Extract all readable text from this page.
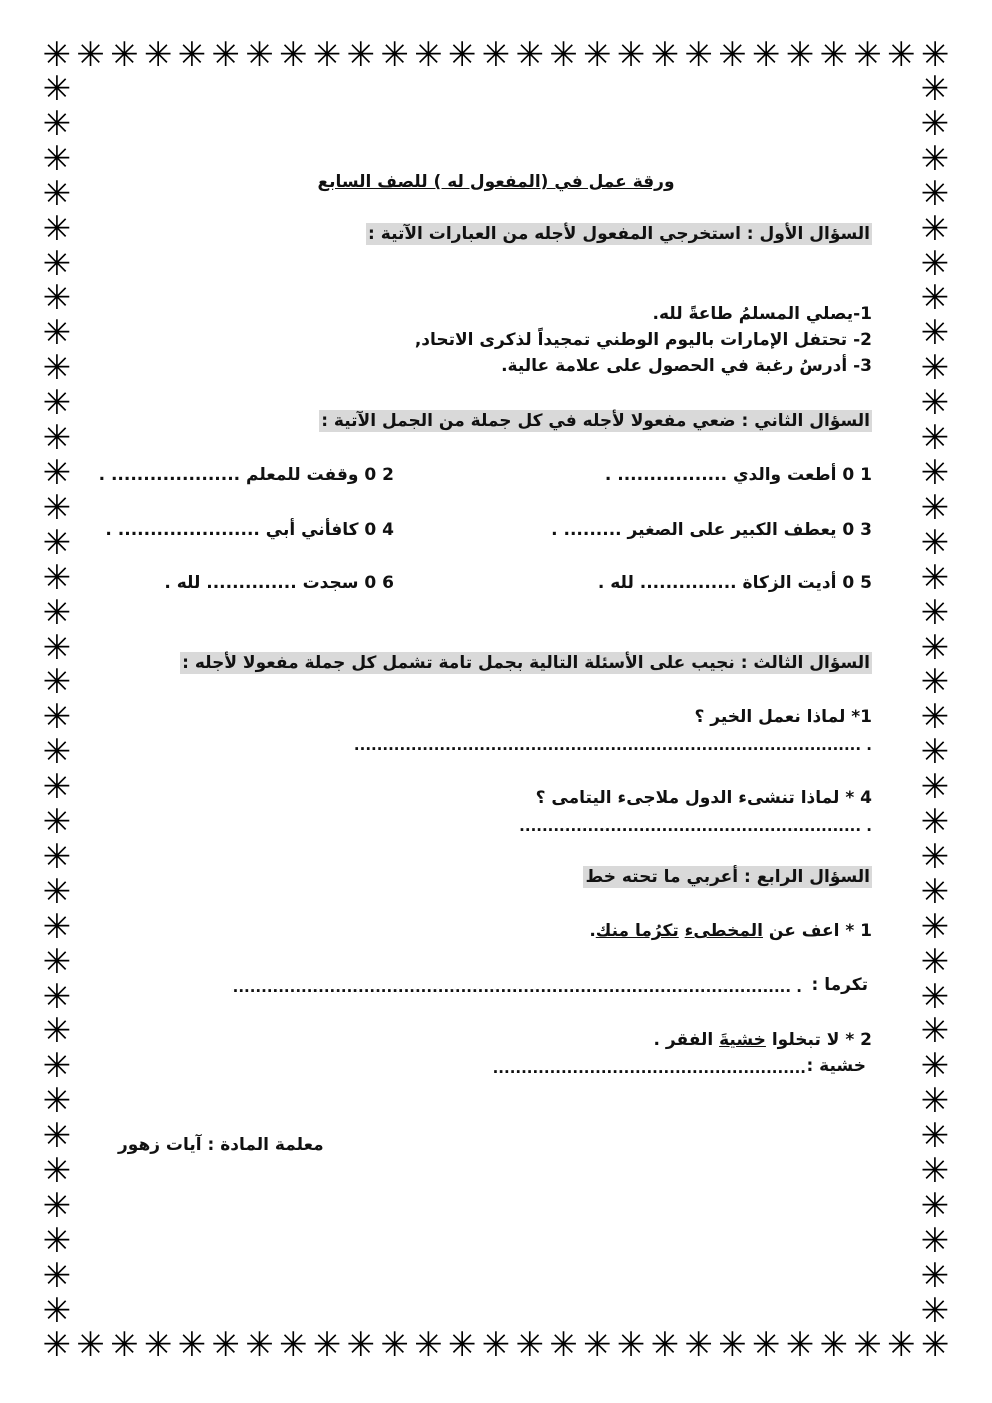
✳ ✳ ✳ ✳ ✳ ✳ ✳ ✳ ✳ ✳ ✳ ✳ ✳ ✳ ✳ ✳ ✳ ✳ ✳ ✳ ✳ ✳ ✳ ✳ ✳ ✳ ✳
✳ ✳ ✳ ✳ ✳ ✳ ✳ ✳ ✳ ✳ ✳ ✳ ✳ ✳ ✳ ✳ ✳ ✳ ✳ ✳ ✳ ✳ ✳ ✳ ✳ ✳ ✳
✳
✳
✳
✳
✳
✳
✳
✳
✳
✳
✳
✳
✳
✳
✳
✳
✳
✳
✳
✳
✳
✳
✳
✳
✳
✳
✳
✳
✳
✳
✳
✳
✳
✳
✳
✳
✳
✳
✳
✳
✳
✳
✳
✳
✳
✳
✳
✳
✳
✳
✳
✳
✳
✳
✳
✳
✳
✳
✳
✳
✳
✳
✳
✳
✳
✳
✳
✳
✳
✳
✳
✳
ورقة عمل في (المفعول له ) للصف السابع
السؤال الأول : استخرجي المفعول لأجله من العبارات الآتية :
1-يصلي المسلمُ طاعةً لله.
2- تحتفل الإمارات باليوم الوطني تمجيداً لذكرى الاتحاد,
3- أدرسُ رغبة في الحصول على علامة عالية.
السؤال الثاني : ضعي مفعولا لأجله في كل جملة من الجمل الآتية :
1 0 أطعت والدي ................. .
2 0 وقفت للمعلم .................... .
3 0 يعطف الكبير على الصغير ......... .
4 0 كافأني أبي ...................... .
5 0 أديت الزكاة ............... لله .
6 0 سجدت .............. لله .
السؤال الثالث : نجيب على الأسئلة التالية بجمل تامة تشمل كل جملة مفعولا لأجله :
1* لماذا نعمل الخير ؟
......................................................................................... .
4 * لماذا تنشىء الدول ملاجىء اليتامى ؟
............................................................ .
السؤال الرابع : أعربي ما تحته خط
1 * اعف عن المخطىء تكرُما منك.
تكرما :
.................................................................................................. .
2 * لا تبخلوا خشيةَ الفقر .
خشية :
.......................................................
معلمة المادة : آيات زهور
